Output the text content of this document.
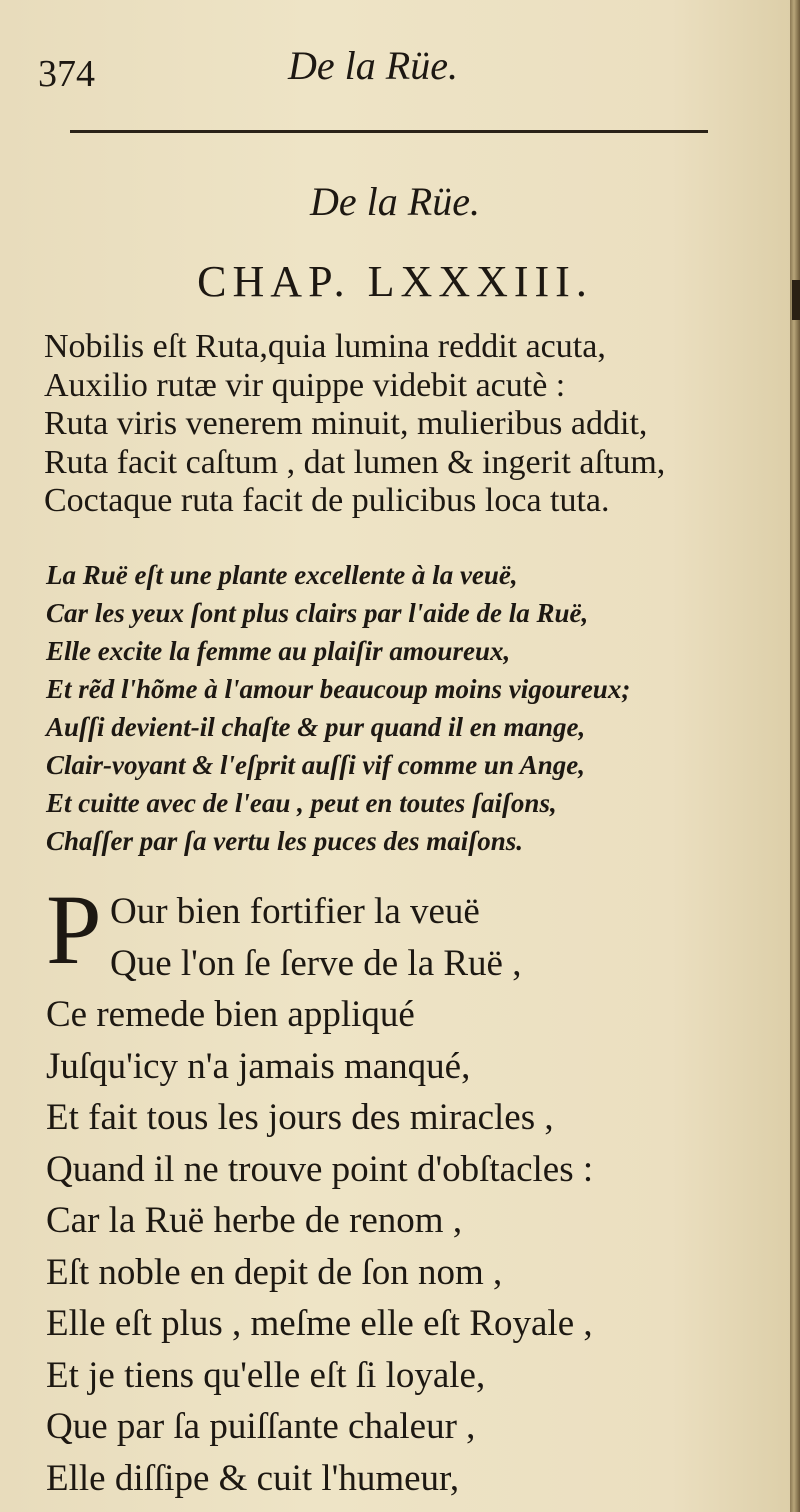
374	De la Rüe.
De la Rüe.
CHAP. LXXXIII.
Nobilis eſt Ruta,quia lumina reddit acuta,
Auxilio rutæ vir quippe videbit acutè :
Ruta viris venerem minuit, mulieribus addit,
Ruta facit caſtum , dat lumen & ingerit aſtum,
Coctaque ruta facit de pulicibus loca tuta.
La Ruë eſt une plante excellente à la veuë,
Car les yeux ſont plus clairs par l'aide de la Ruë,
Elle excite la femme au plaiſir amoureux,
Et rẽd l'hõme à l'amour beaucoup moins vigoureux;
Auſſi devient-il chaſte & pur quand il en mange,
Clair-voyant & l'eſprit auſſi vif comme un Ange,
Et cuitte avec de l'eau , peut en toutes ſaiſons,
Chaſſer par ſa vertu les puces des maiſons.
P Our bien fortifier la veuë
Que l'on ſe ſerve de la Ruë ,
Ce remede bien appliqué
Juſqu'icy n'a jamais manqué,
Et fait tous les jours des miracles ,
Quand il ne trouve point d'obſtacles :
Car la Ruë herbe de renom ,
Eſt noble en depit de ſon nom ,
Elle eſt plus , meſme elle eſt Royale ,
Et je tiens qu'elle eſt ſi loyale,
Que par ſa puiſſante chaleur ,
Elle diſſipe & cuit l'humeur,
